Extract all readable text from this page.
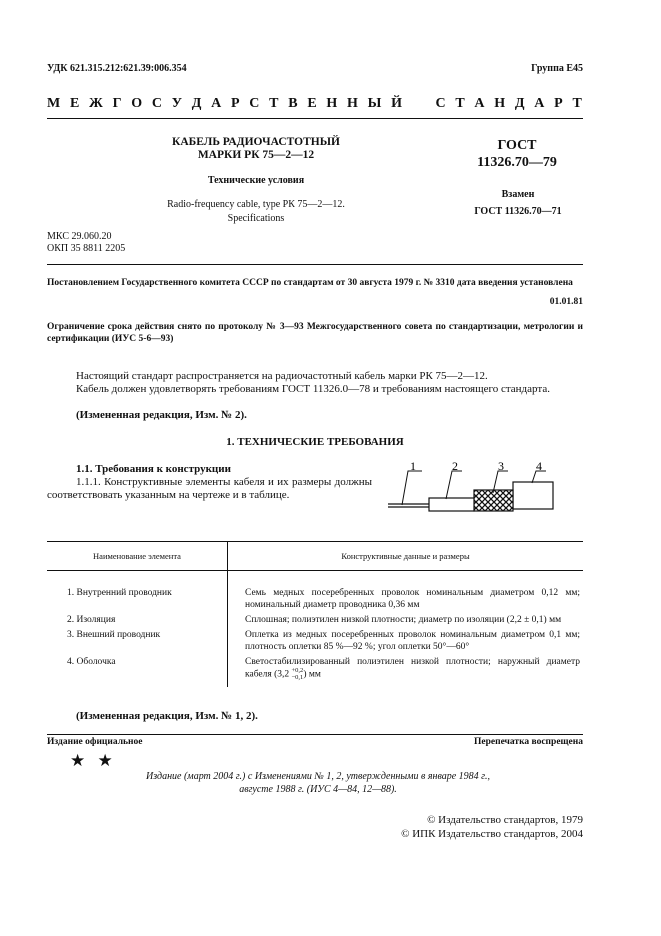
УДК 621.315.212:621.39:006.354	Группа Е45
М Е Ж Г О С У Д А Р С Т В Е Н Н Ы Й С Т А Н Д А Р Т
КАБЕЛЬ РАДИОЧАСТОТНЫЙ
МАРКИ РК 75—2—12
Технические условия
Radio-frequency cable, type РК 75—2—12.
Specifications
ГОСТ
11326.70—79
Взамен
ГОСТ 11326.70—71
МКС 29.060.20
ОКП 35 8811 2205
Постановлением Государственного комитета СССР по стандартам от 30 августа 1979 г. № 3310 дата введения установлена
01.01.81
Ограничение срока действия снято по протоколу № 3—93 Межгосударственного совета по стандартизации, метрологии и сертификации (ИУС 5-6—93)
Настоящий стандарт распространяется на радиочастотный кабель марки РК 75—2—12.
Кабель должен удовлетворять требованиям ГОСТ 11326.0—78 и требованиям настоящего стандарта.
(Измененная редакция, Изм. № 2).
1. ТЕХНИЧЕСКИЕ ТРЕБОВАНИЯ
1.1. Требования к конструкции
1.1.1. Конструктивные элементы кабеля и их размеры должны соответствовать указанным на чертеже и в таблице.
1	2	3	4
Наименование элемента	Конструктивные данные и размеры
1. Внутренний проводник	Семь медных посеребренных проволок номинальным диаметром 0,12 мм; номинальный диаметр проводника 0,36 мм
2. Изоляция	Сплошная; полиэтилен низкой плотности; диаметр по изоляции (2,2 ± 0,1) мм
3. Внешний проводник	Оплетка из медных посеребренных проволок номинальным диаметром 0,1 мм; плотность оплетки 85 %—92 %; угол оплетки 50°—60°
4. Оболочка	Светостабилизированный полиэтилен низкой плотности; наружный диаметр кабеля (3,2 $^{+0,2 -0,1}$ ) мм
(Измененная редакция, Изм. № 1, 2).
Издание официальное	Перепечатка воспрещена
★ ★
Издание (март 2004 г.) с Изменениями № 1, 2, утвержденными в январе 1984 г.,
августе 1988 г. (ИУС 4—84, 12—88).
© Издательство стандартов, 1979
© ИПК Издательство стандартов, 2004
